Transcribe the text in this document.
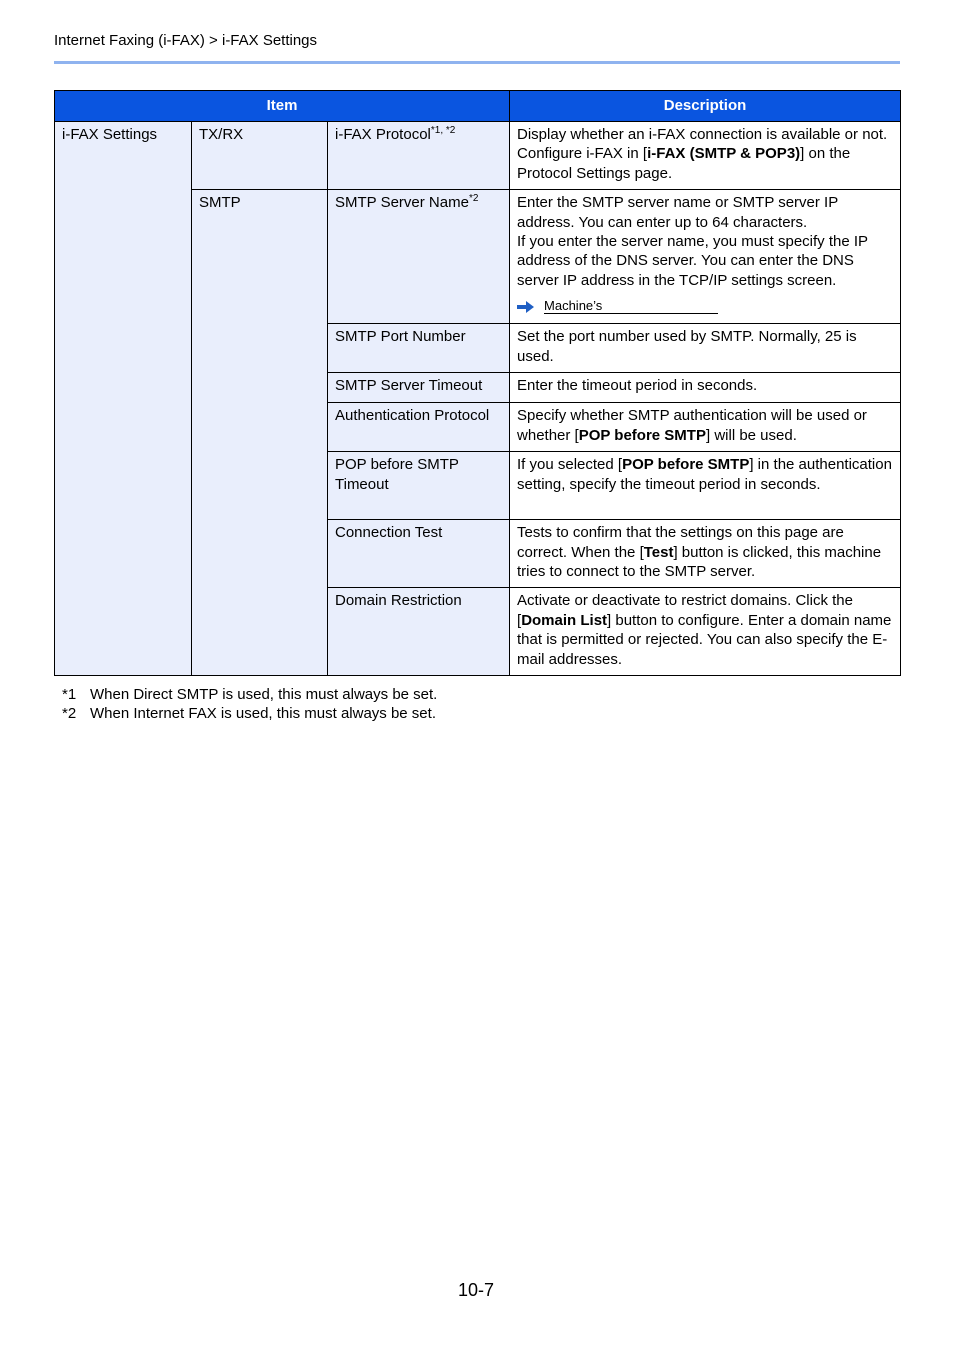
Internet Faxing (i-FAX) > i-FAX Settings
Item			Description
i-FAX Settings	TX/RX	i-FAX Protocol$^{*1, *2}$	Display whether an i-FAX connection is available or not. Configure i-FAX in [i-FAX (SMTP & POP3)] on the Protocol Settings page.
	SMTP	SMTP Server Name$^{*2}$	Enter the SMTP server name or SMTP server IP address. You can enter up to 64 characters.
If you enter the server name, you must specify the IP address of the DNS server. You can enter the DNS server IP address in the TCP/IP settings screen.
Machine’s

		SMTP Port Number	Set the port number used by SMTP. Normally, 25 is used.
		SMTP Server Timeout	Enter the timeout period in seconds.
		Authentication Protocol	Specify whether SMTP authentication will be used or whether [POP before SMTP] will be used.
		POP before SMTP Timeout	If you selected [POP before SMTP] in the authentication setting, specify the timeout period in seconds.
		Connection Test	Tests to confirm that the settings on this page are correct. When the [Test] button is clicked, this machine tries to connect to the SMTP server.
		Domain Restriction	Activate or deactivate to restrict domains. Click the [Domain List] button to configure. Enter a domain name that is permitted or rejected. You can also specify the E-mail addresses.
*1 When Direct SMTP is used, this must always be set.
*2 When Internet FAX is used, this must always be set.
10-7
